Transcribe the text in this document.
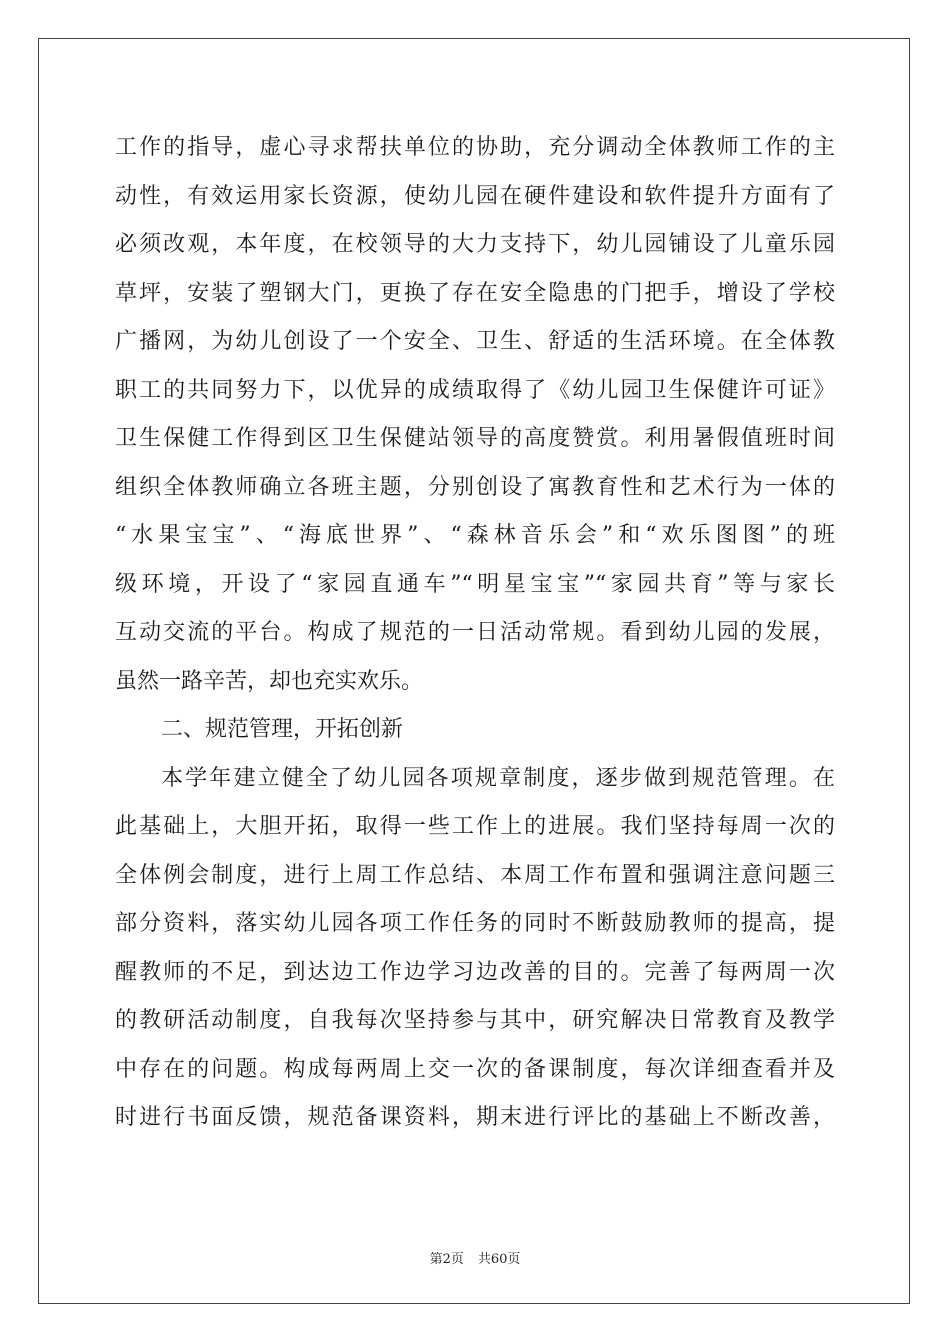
工作的指导，虚心寻求帮扶单位的协助，充分调动全体教师工作的主
动性，有效运用家长资源，使幼儿园在硬件建设和软件提升方面有了
必须改观，本年度，在校领导的大力支持下，幼儿园铺设了儿童乐园
草坪，安装了塑钢大门，更换了存在安全隐患的门把手，增设了学校
广播网，为幼儿创设了一个安全、卫生、舒适的生活环境。在全体教
职工的共同努力下，以优异的成绩取得了《幼儿园卫生保健许可证》
卫生保健工作得到区卫生保健站领导的高度赞赏。利用暑假值班时间
组织全体教师确立各班主题，分别创设了寓教育性和艺术行为一体的
“水果宝宝”、“海底世界”、“森林音乐会”和“欢乐图图”的班
级环境，开设了“家园直通车”“明星宝宝”“家园共育”等与家长
互动交流的平台。构成了规范的一日活动常规。看到幼儿园的发展，
虽然一路辛苦，却也充实欢乐。
二、规范管理，开拓创新
本学年建立健全了幼儿园各项规章制度，逐步做到规范管理。在
此基础上，大胆开拓，取得一些工作上的进展。我们坚持每周一次的
全体例会制度，进行上周工作总结、本周工作布置和强调注意问题三
部分资料，落实幼儿园各项工作任务的同时不断鼓励教师的提高，提
醒教师的不足，到达边工作边学习边改善的目的。完善了每两周一次
的教研活动制度，自我每次坚持参与其中，研究解决日常教育及教学
中存在的问题。构成每两周上交一次的备课制度，每次详细查看并及
时进行书面反馈，规范备课资料，期末进行评比的基础上不断改善，
第2页 共60页
